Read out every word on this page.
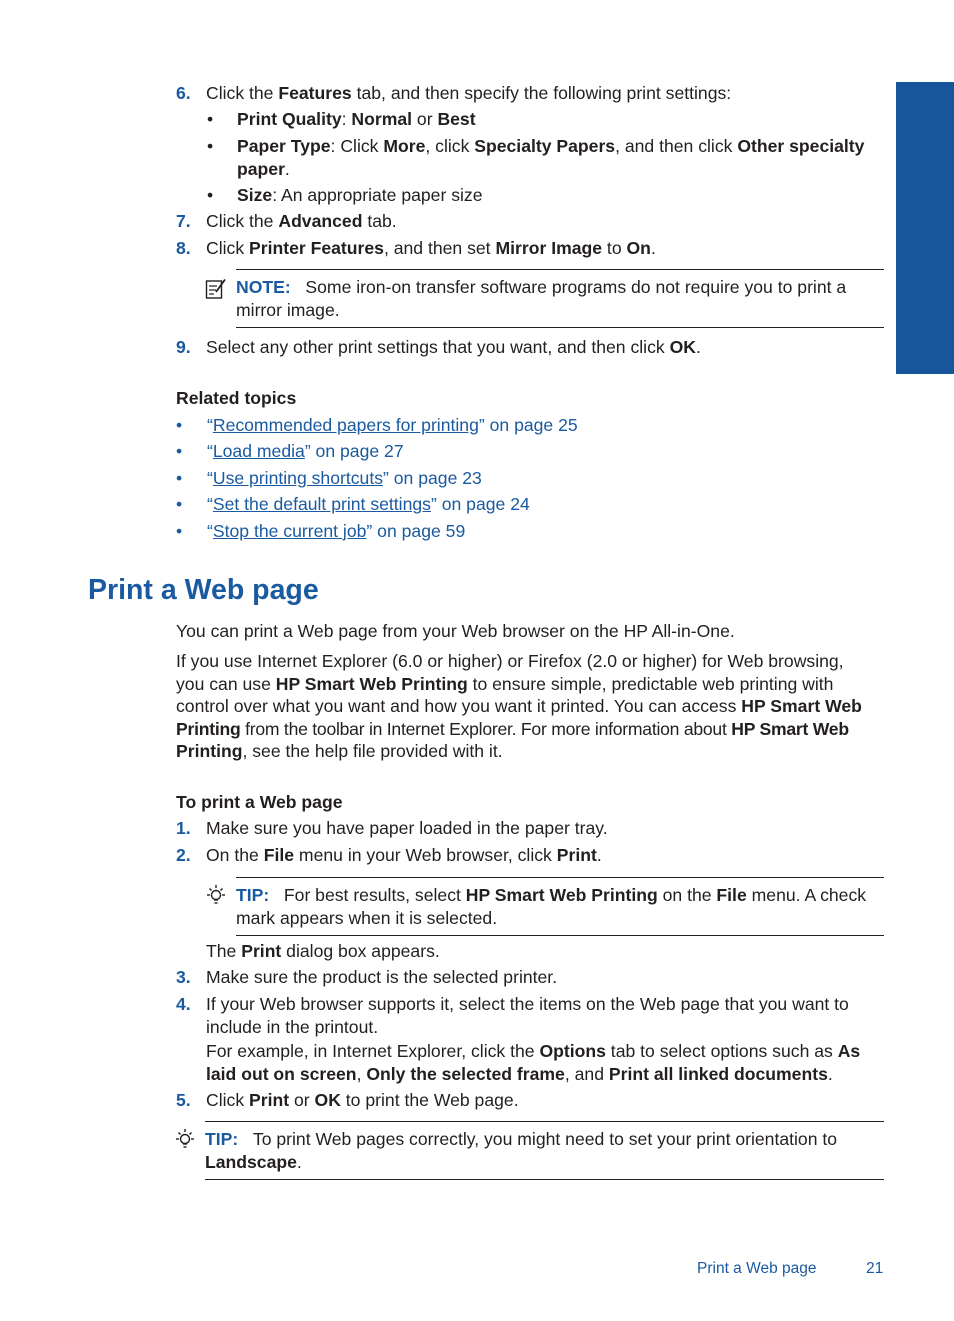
Print
6. Click the Features tab, and then specify the following print settings:
• Print Quality: Normal or Best
• Paper Type: Click More, click Specialty Papers, and then click Other specialty
paper.
• Size: An appropriate paper size
7. Click the Advanced tab.
8. Click Printer Features, and then set Mirror Image to On.
NOTE: Some iron-on transfer software programs do not require you to print a
mirror image.
9. Select any other print settings that you want, and then click OK.
Related topics
• “Recommended papers for printing” on page 25
• “Load media” on page 27
• “Use printing shortcuts” on page 23
• “Set the default print settings” on page 24
• “Stop the current job” on page 59
Print a Web page
You can print a Web page from your Web browser on the HP All-in-One.
If you use Internet Explorer (6.0 or higher) or Firefox (2.0 or higher) for Web browsing,
you can use HP Smart Web Printing to ensure simple, predictable web printing with
control over what you want and how you want it printed. You can access HP Smart Web
Printing from the toolbar in Internet Explorer. For more information about HP Smart Web
Printing, see the help file provided with it.
To print a Web page
1. Make sure you have paper loaded in the paper tray.
2. On the File menu in your Web browser, click Print.
TIP: For best results, select HP Smart Web Printing on the File menu. A check
mark appears when it is selected.
The Print dialog box appears.
3. Make sure the product is the selected printer.
4. If your Web browser supports it, select the items on the Web page that you want to
include in the printout.
For example, in Internet Explorer, click the Options tab to select options such as As
laid out on screen, Only the selected frame, and Print all linked documents.
5. Click Print or OK to print the Web page.
TIP: To print Web pages correctly, you might need to set your print orientation to
Landscape.
Print a Web page	21
